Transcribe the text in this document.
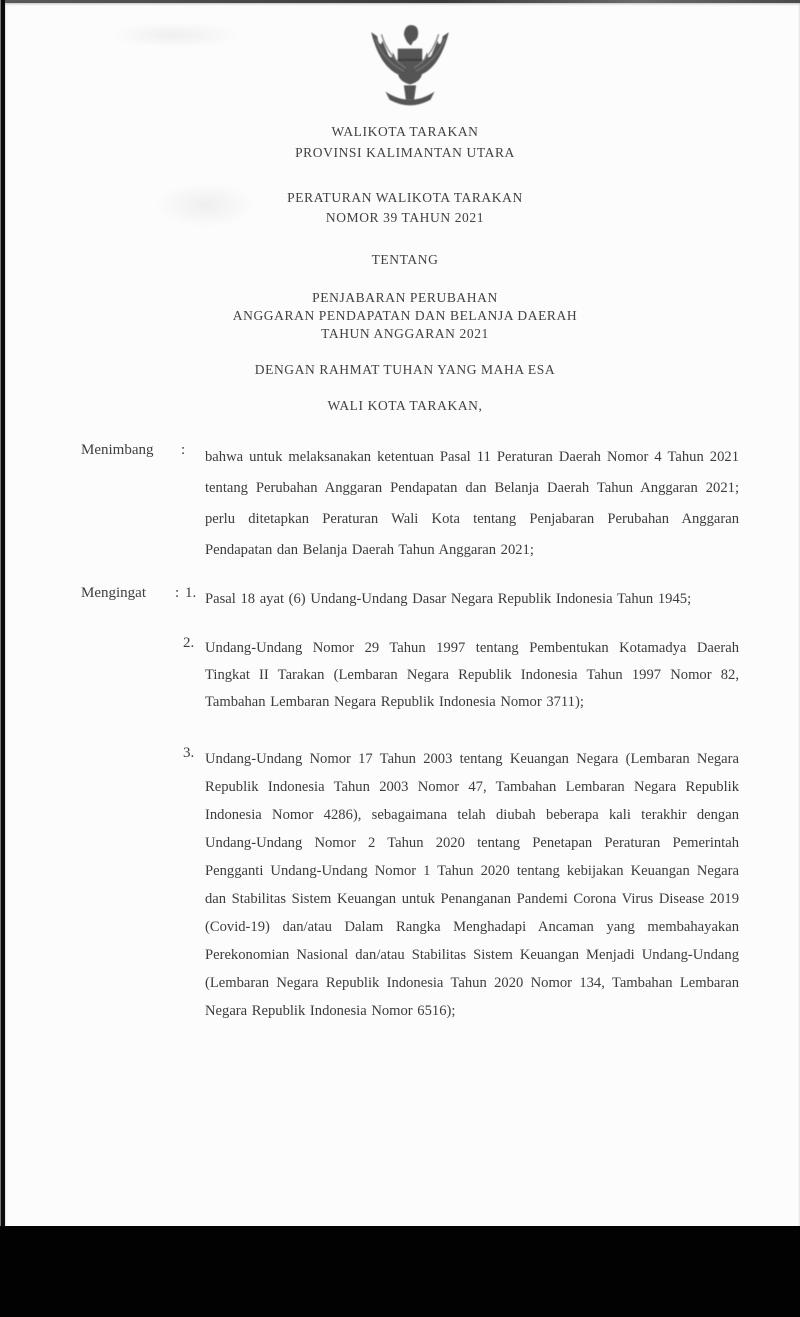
WALIKOTA TARAKAN
PROVINSI KALIMANTAN UTARA
PERATURAN WALIKOTA TARAKAN
NOMOR 39 TAHUN 2021
TENTANG
PENJABARAN PERUBAHAN
ANGGARAN PENDAPATAN DAN BELANJA DAERAH
TAHUN ANGGARAN 2021
DENGAN RAHMAT TUHAN YANG MAHA ESA
WALI KOTA TARAKAN,
Menimbang : bahwa untuk melaksanakan ketentuan Pasal 11 Peraturan Daerah Nomor 4 Tahun 2021 tentang Perubahan Anggaran Pendapatan dan Belanja Daerah Tahun Anggaran 2021; perlu ditetapkan Peraturan Wali Kota tentang Penjabaran Perubahan Anggaran Pendapatan dan Belanja Daerah Tahun Anggaran 2021;
Mengingat : 1. Pasal 18 ayat (6) Undang-Undang Dasar Negara Republik Indonesia Tahun 1945;
2. Undang-Undang Nomor 29 Tahun 1997 tentang Pembentukan Kotamadya Daerah Tingkat II Tarakan (Lembaran Negara Republik Indonesia Tahun 1997 Nomor 82, Tambahan Lembaran Negara Republik Indonesia Nomor 3711);
3. Undang-Undang Nomor 17 Tahun 2003 tentang Keuangan Negara (Lembaran Negara Republik Indonesia Tahun 2003 Nomor 47, Tambahan Lembaran Negara Republik Indonesia Nomor 4286), sebagaimana telah diubah beberapa kali terakhir dengan Undang-Undang Nomor 2 Tahun 2020 tentang Penetapan Peraturan Pemerintah Pengganti Undang-Undang Nomor 1 Tahun 2020 tentang kebijakan Keuangan Negara dan Stabilitas Sistem Keuangan untuk Penanganan Pandemi Corona Virus Disease 2019 (Covid-19) dan/atau Dalam Rangka Menghadapi Ancaman yang membahayakan Perekonomian Nasional dan/atau Stabilitas Sistem Keuangan Menjadi Undang-Undang (Lembaran Negara Republik Indonesia Tahun 2020 Nomor 134, Tambahan Lembaran Negara Republik Indonesia Nomor 6516);
